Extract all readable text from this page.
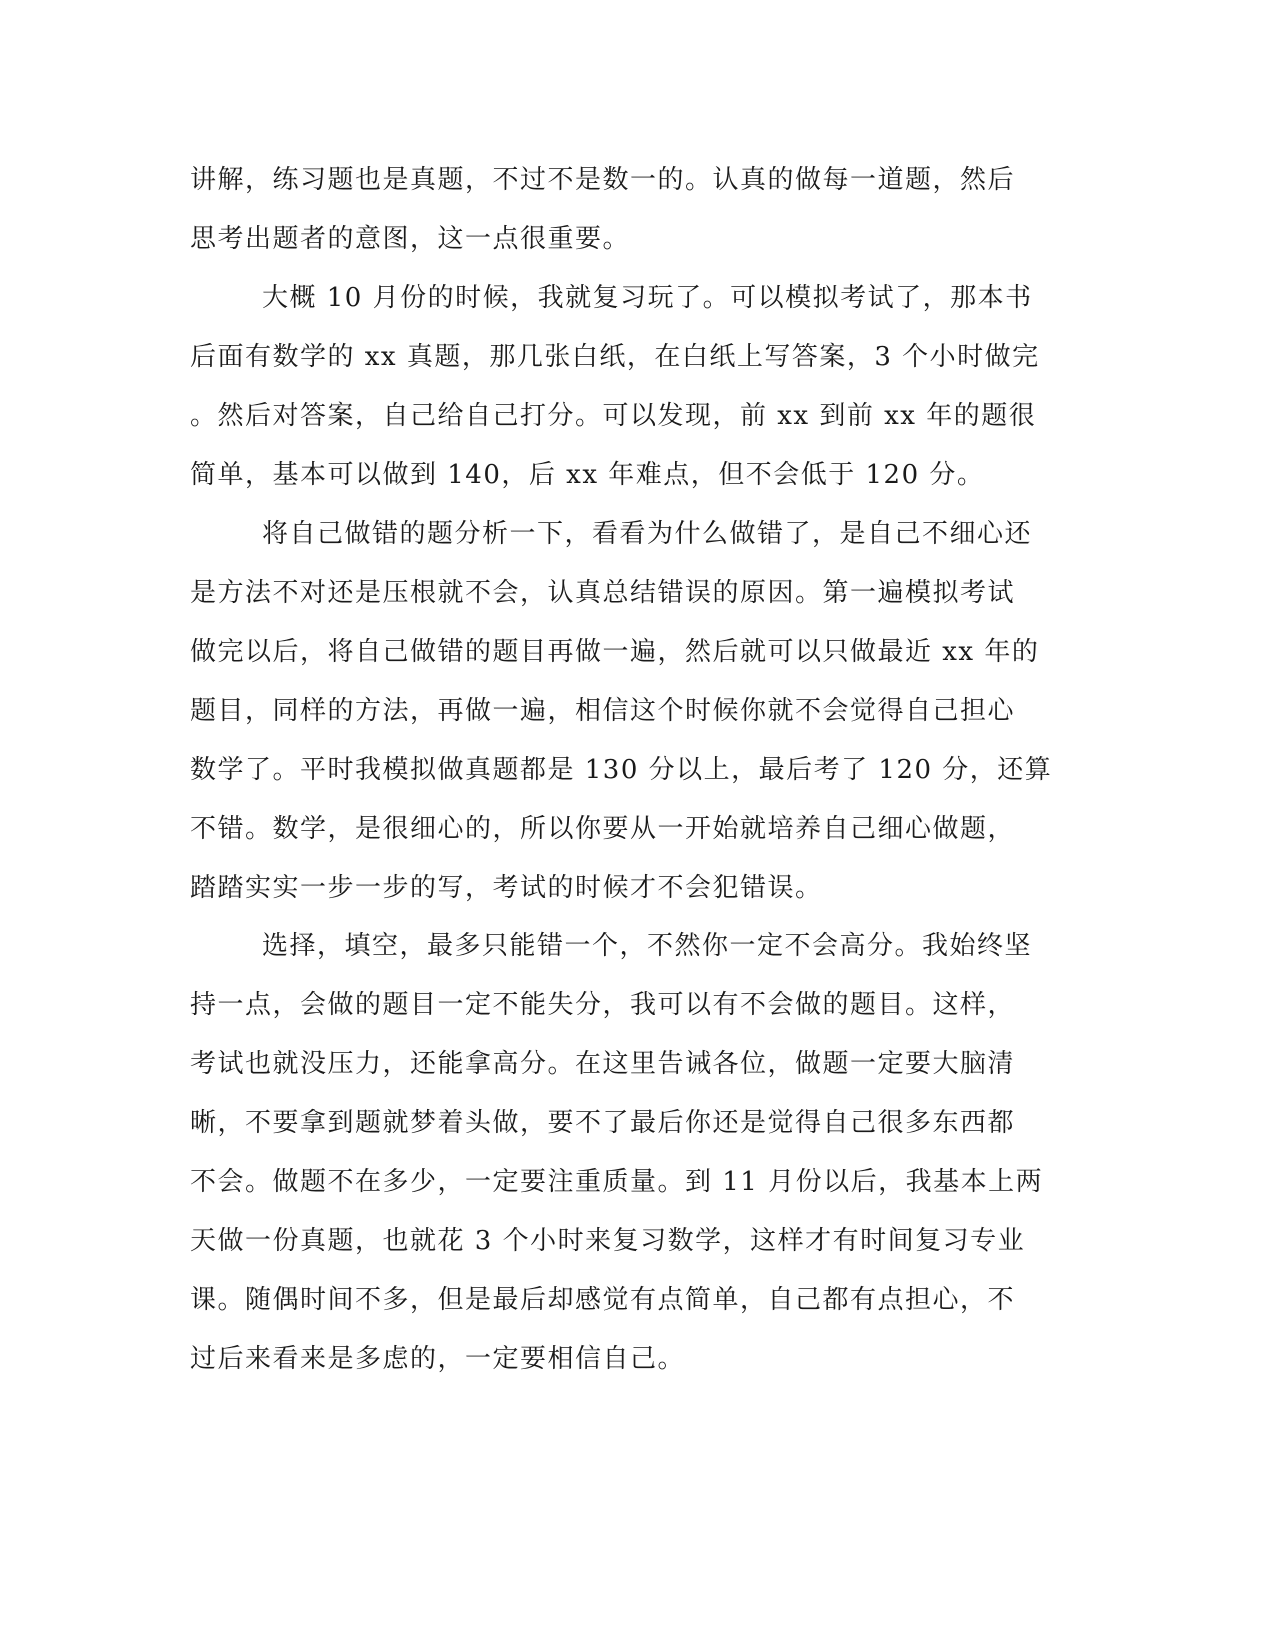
讲解，练习题也是真题，不过不是数一的。认真的做每一道题，然后
思考出题者的意图，这一点很重要。
大概 10 月份的时候，我就复习玩了。可以模拟考试了，那本书
后面有数学的 xx 真题，那几张白纸，在白纸上写答案，3 个小时做完
。然后对答案，自己给自己打分。可以发现，前 xx 到前 xx 年的题很
简单，基本可以做到 140，后 xx 年难点，但不会低于 120 分。
将自己做错的题分析一下，看看为什么做错了，是自己不细心还
是方法不对还是压根就不会，认真总结错误的原因。第一遍模拟考试
做完以后，将自己做错的题目再做一遍，然后就可以只做最近 xx 年的
题目，同样的方法，再做一遍，相信这个时候你就不会觉得自己担心
数学了。平时我模拟做真题都是 130 分以上，最后考了 120 分，还算
不错。数学，是很细心的，所以你要从一开始就培养自己细心做题，
踏踏实实一步一步的写，考试的时候才不会犯错误。
选择，填空，最多只能错一个，不然你一定不会高分。我始终坚
持一点，会做的题目一定不能失分，我可以有不会做的题目。这样，
考试也就没压力，还能拿高分。在这里告诫各位，做题一定要大脑清
晰，不要拿到题就梦着头做，要不了最后你还是觉得自己很多东西都
不会。做题不在多少，一定要注重质量。到 11 月份以后，我基本上两
天做一份真题，也就花 3 个小时来复习数学，这样才有时间复习专业
课。随偶时间不多，但是最后却感觉有点简单，自己都有点担心，不
过后来看来是多虑的，一定要相信自己。
